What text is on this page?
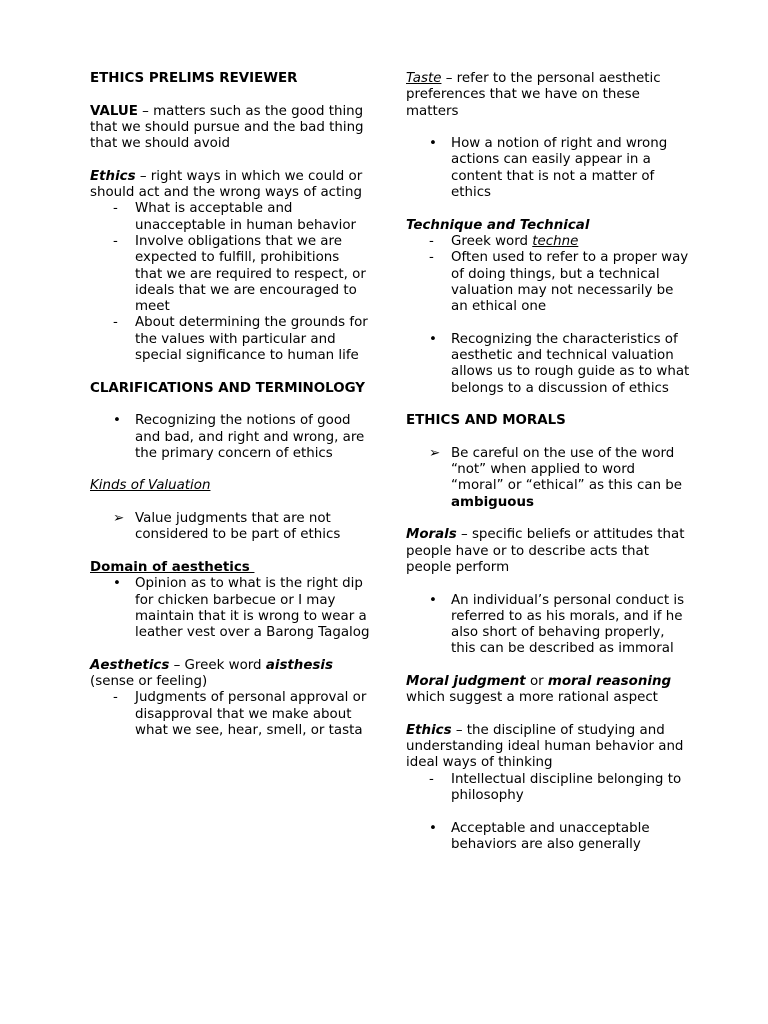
ETHICS PRELIMS REVIEWER

VALUE – matters such as the good thing that we should pursue and the bad thing that we should avoid

Ethics – right ways in which we could or should act and the wrong ways of acting

-	What is acceptable and unacceptable in human behavior
-	Involve obligations that we are expected to fulfill, prohibitions that we are required to respect, or ideals that we are encouraged to meet
-	About determining the grounds for the values with particular and special significance to human life

CLARIFICATIONS AND TERMINOLOGY

•	Recognizing the notions of good and bad, and right and wrong, are the primary concern of ethics

Kinds of Valuation

➢ Value judgments that are not considered to be part of ethics

Domain of aesthetics

•	Opinion as to what is the right dip for chicken barbecue or I may maintain that it is wrong to wear a leather vest over a Barong Tagalog

Aesthetics – Greek word aisthesis (sense or feeling)

-	Judgments of personal approval or disapproval that we make about what we see, hear, smell, or tasta

Taste – refer to the personal aesthetic preferences that we have on these matters

•	How a notion of right and wrong actions can easily appear in a content that is not a matter of ethics

Technique and Technical

-	Greek word techne
-	Often used to refer to a proper way of doing things, but a technical valuation may not necessarily be an ethical one
•	Recognizing the characteristics of aesthetic and technical valuation allows us to rough guide as to what belongs to a discussion of ethics

ETHICS AND MORALS

➢ Be careful on the use of the word “not” when applied to word “moral” or “ethical” as this can be ambiguous

Morals – specific beliefs or attitudes that people have or to describe acts that people perform

•	An individual’s personal conduct is referred to as his morals, and if he also short of behaving properly, this can be described as immoral

Moral judgment or moral reasoning which suggest a more rational aspect

Ethics – the discipline of studying and understanding ideal human behavior and ideal ways of thinking

-	Intellectual discipline belonging to philosophy
•	Acceptable and unacceptable behaviors are also generally
